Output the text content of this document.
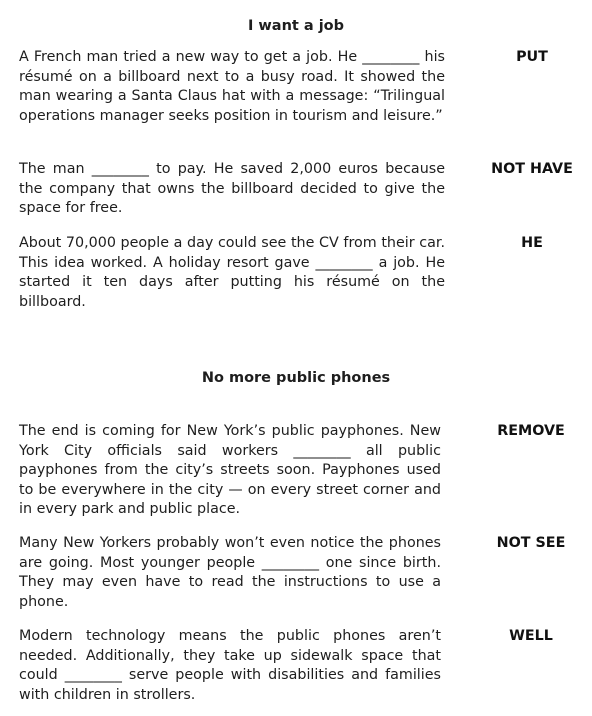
I want a job

A French man tried a new way to get a job. He ________ his résumé on a billboard next to a busy road. It showed the man wearing a Santa Claus hat with a message: “Trilingual operations manager seeks position in tourism and leisure.”

PUT

The man ________ to pay. He saved 2,000 euros because the company that owns the billboard decided to give the space for free.

NOT HAVE

About 70,000 people a day could see the CV from their car. This idea worked. A holiday resort gave ________ a job. He started it ten days after putting his résumé on the billboard.

HE

No more public phones

The end is coming for New York’s public payphones. New York City officials said workers ________ all public payphones from the city’s streets soon. Payphones used to be everywhere in the city — on every street corner and in every park and public place.

REMOVE

Many New Yorkers probably won’t even notice the phones are going. Most younger people ________ one since birth. They may even have to read the instructions to use a phone.

NOT SEE

Modern technology means the public phones aren’t needed. Additionally, they take up sidewalk space that could ________ serve people with disabilities and families with children in strollers.

WELL
